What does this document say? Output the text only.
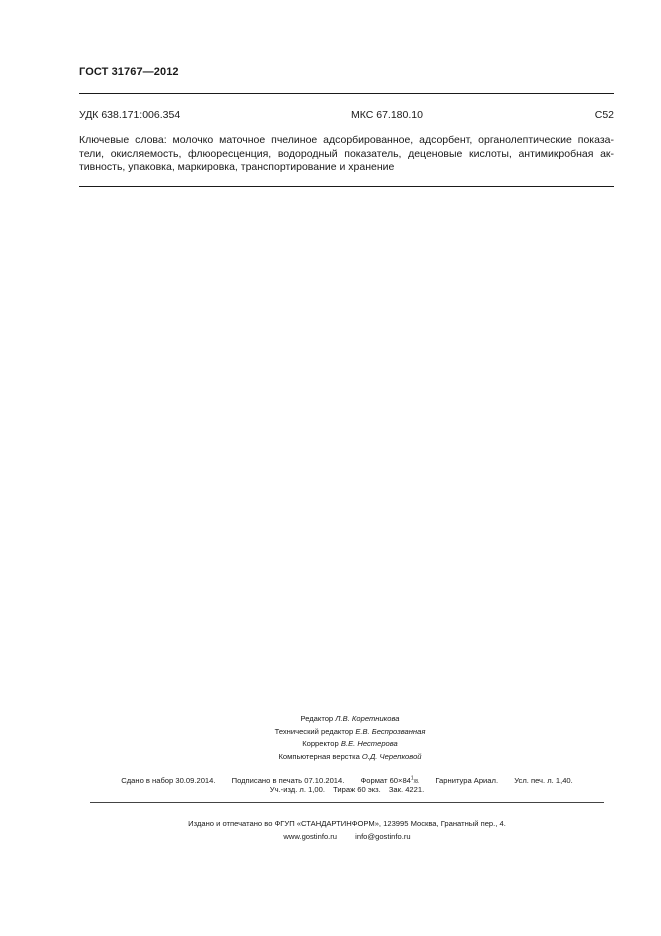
ГОСТ 31767—2012
УДК 638.171:006.354	МКС 67.180.10	С52
Ключевые слова: молочко маточное пчелиное адсорбированное, адсорбент, органолептические показа-
тели, окисляемость, флюоресценция, водородный показатель, деценовые кислоты, антимикробная ак-
тивность, упаковка, маркировка, транспортирование и хранение
Редактор Л.В. Коретникова
Технический редактор Е.В. Беспрозванная
Корректор В.Е. Нестерова
Компьютерная верстка О.Д. Черепковой
Сдано в набор 30.09.2014. Подписано в печать 07.10.2014. Формат $60\times 84^1/8$. Гарнитура Ариал. Усл. печ. л. 1,40.
Уч.-изд. л. 1,00. Тираж 60 экз. Зак. 4221.
Издано и отпечатано во ФГУП «СТАНДАРТИНФОРМ», 123995 Москва, Гранатный пер., 4.
www.gostinfo.ru info@gostinfo.ru
